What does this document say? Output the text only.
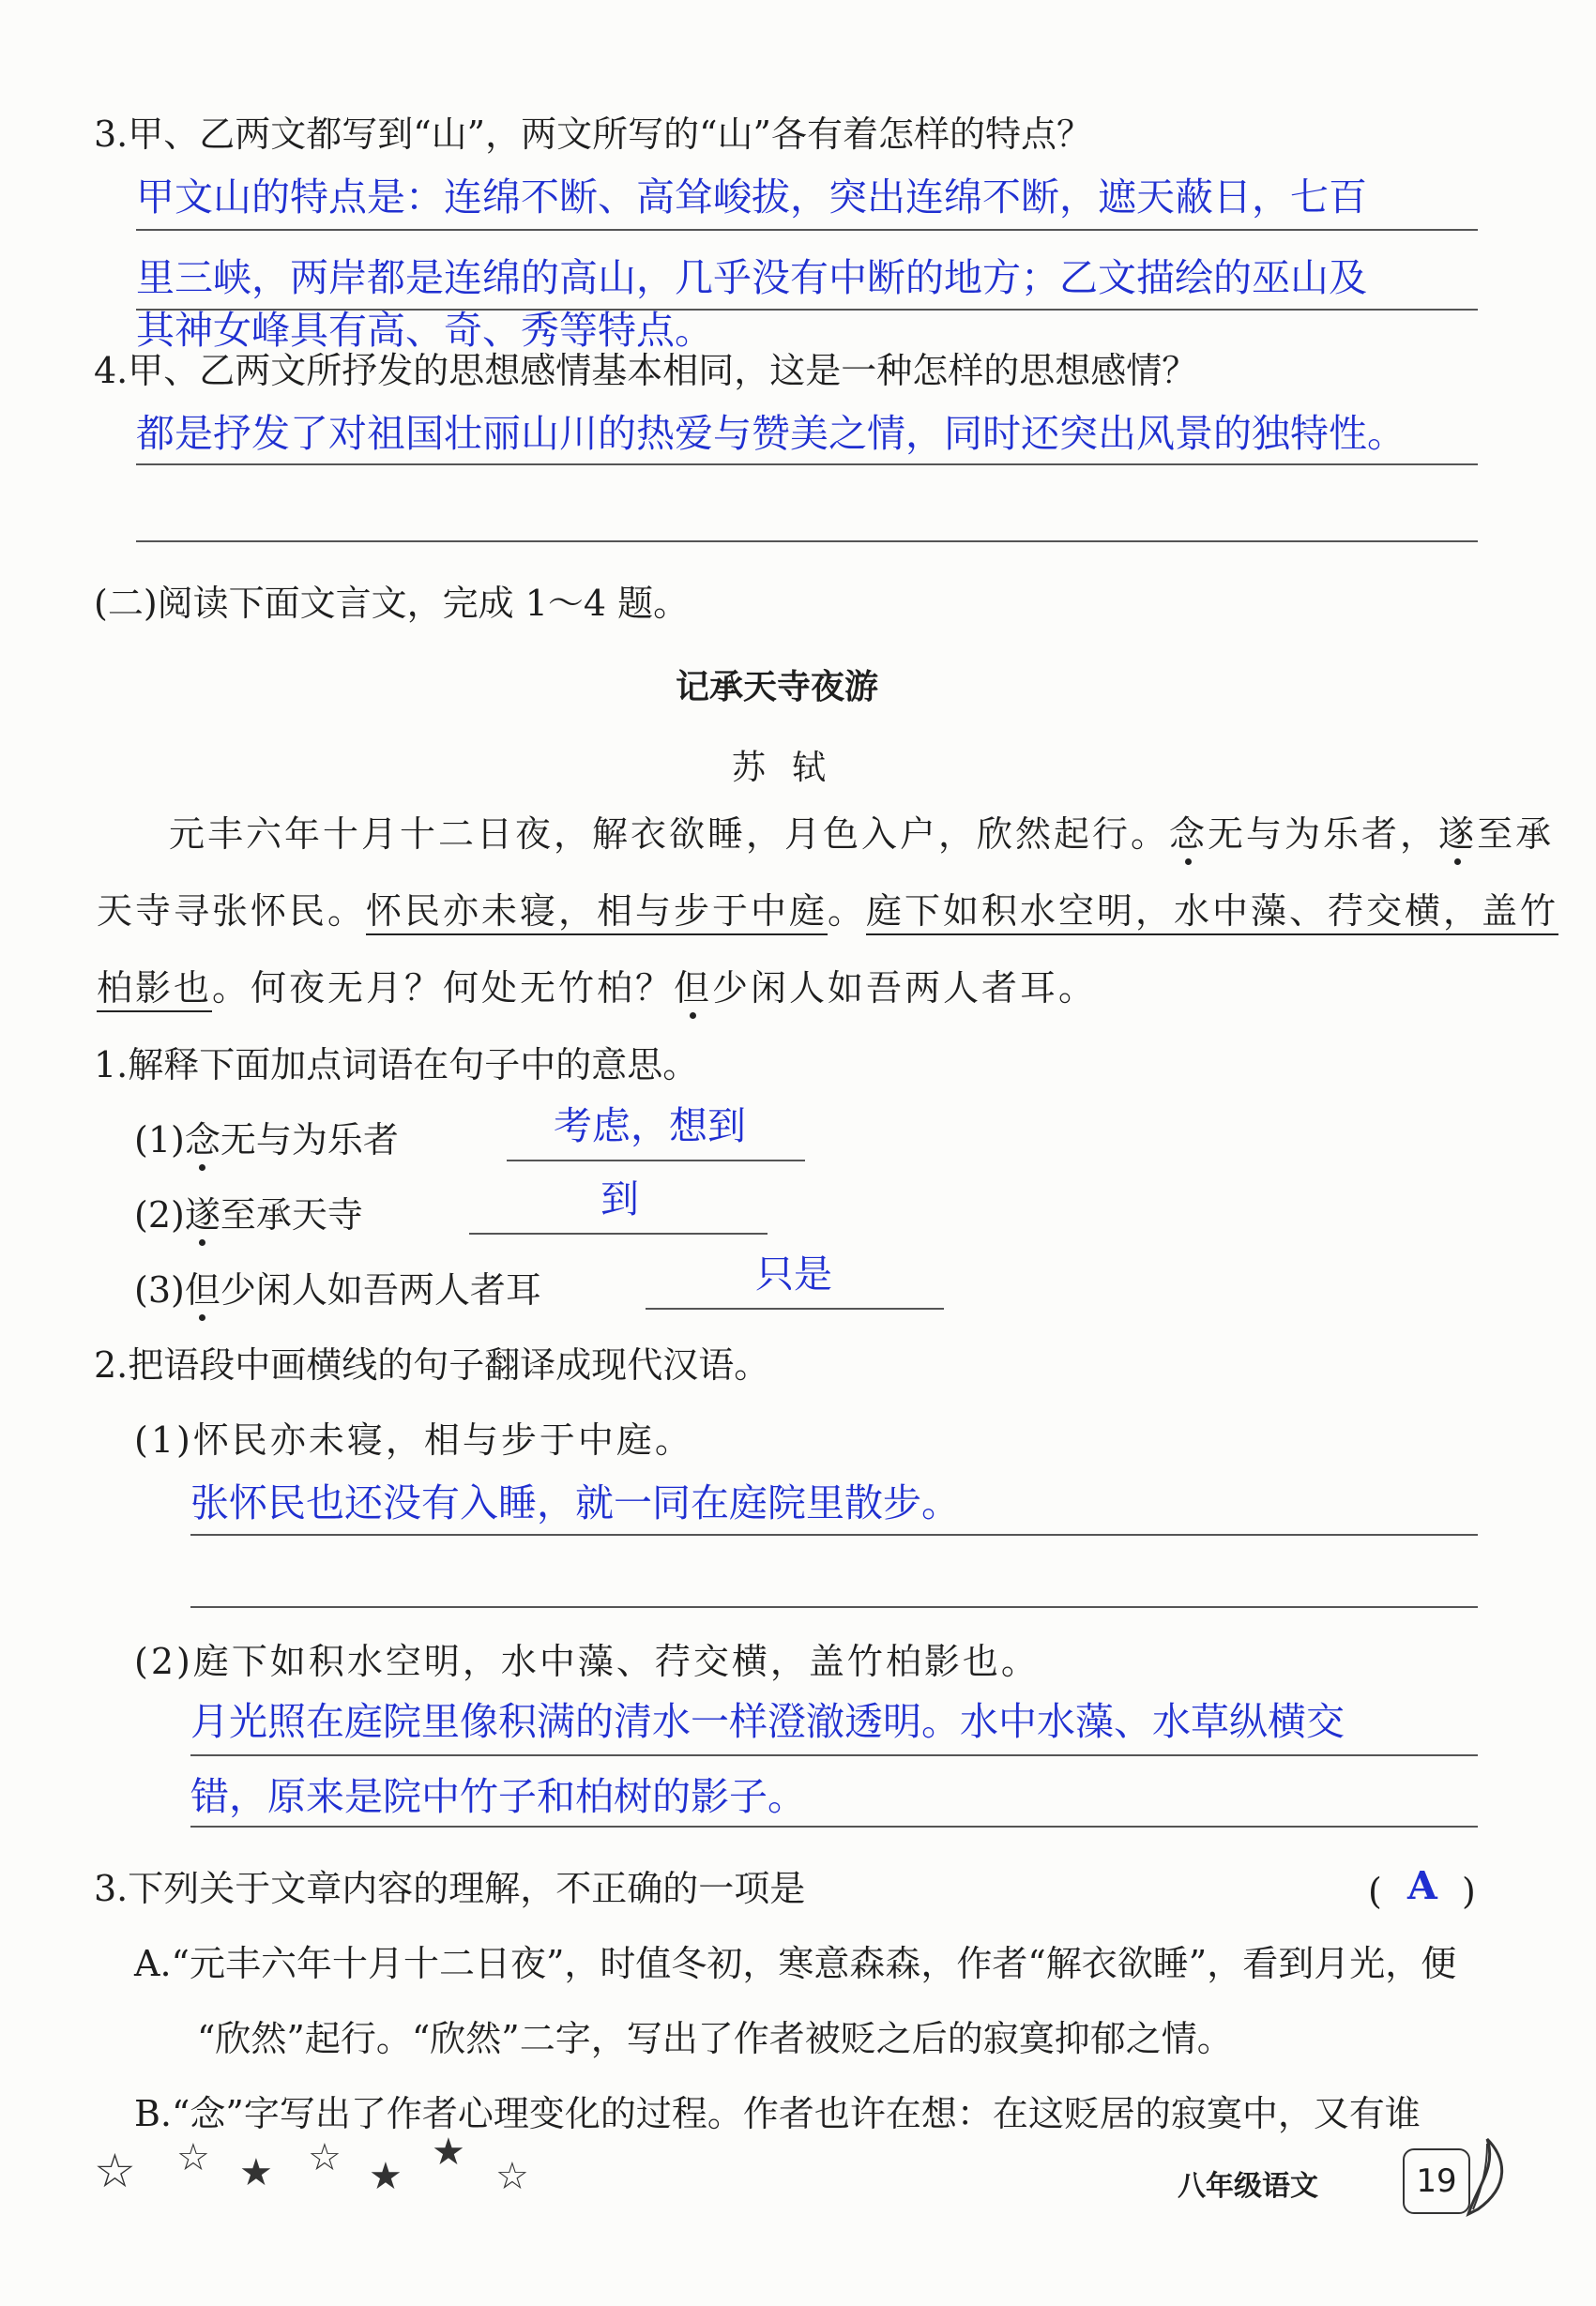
3.甲、乙两文都写到“山”，两文所写的“山”各有着怎样的特点？
甲文山的特点是：连绵不断、高耸峻拔，突出连绵不断，遮天蔽日，七百
里三峡，两岸都是连绵的高山，几乎没有中断的地方；乙文描绘的巫山及
其神女峰具有高、奇、秀等特点。
4.甲、乙两文所抒发的思想感情基本相同，这是一种怎样的思想感情？
都是抒发了对祖国壮丽山川的热爱与赞美之情，同时还突出风景的独特性。
(二)阅读下面文言文，完成 1～4 题。
记承天寺夜游
苏轼
元丰六年十月十二日夜，解衣欲睡，月色入户，欣然起行。念无与为乐者，遂至承
天寺寻张怀民。怀民亦未寝，相与步于中庭。庭下如积水空明，水中藻、荇交横，盖竹
柏影也。何夜无月？何处无竹柏？但少闲人如吾两人者耳。
1.解释下面加点词语在句子中的意思。
(1)念无与为乐者	考虑，想到
(2)遂至承天寺	到
(3)但少闲人如吾两人者耳	只是
2.把语段中画横线的句子翻译成现代汉语。
(1)怀民亦未寝，相与步于中庭。
张怀民也还没有入睡，就一同在庭院里散步。
(2)庭下如积水空明，水中藻、荇交横，盖竹柏影也。
月光照在庭院里像积满的清水一样澄澈透明。水中水藻、水草纵横交
错，原来是院中竹子和柏树的影子。
3.下列关于文章内容的理解，不正确的一项是	( A )
A.“元丰六年十月十二日夜”，时值冬初，寒意森森，作者“解衣欲睡”，看到月光，便
“欣然”起行。“欣然”二字，写出了作者被贬之后的寂寞抑郁之情。
B.“念”字写出了作者心理变化的过程。作者也许在想：在这贬居的寂寞中，又有谁
☆ ☆ ★ ☆ ★
★
☆	八年级语文	19
